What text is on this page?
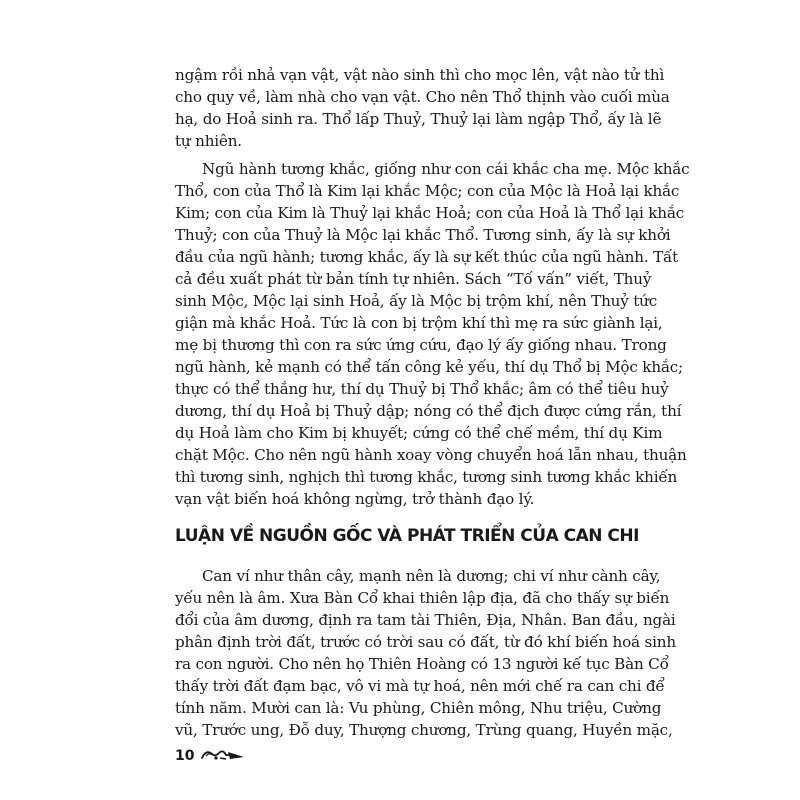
ngậm rồi nhả vạn vật, vật nào sinh thì cho mọc lên, vật nào tử thì
cho quy về, làm nhà cho vạn vật. Cho nên Thổ thịnh vào cuối mùa
hạ, do Hoả sinh ra. Thổ lấp Thuỷ, Thuỷ lại làm ngập Thổ, ấy là lẽ
tự nhiên.
Ngũ hành tương khắc, giống như con cái khắc cha mẹ. Mộc khắc
Thổ, con của Thổ là Kim lại khắc Mộc; con của Mộc là Hoả lại khắc
Kim; con của Kim là Thuỷ lại khắc Hoả; con của Hoả là Thổ lại khắc
Thuỷ; con của Thuỷ là Mộc lại khắc Thổ. Tương sinh, ấy là sự khởi
đầu của ngũ hành; tương khắc, ấy là sự kết thúc của ngũ hành. Tất
cả đều xuất phát từ bản tính tự nhiên. Sách “Tố vấn” viết, Thuỷ
sinh Mộc, Mộc lại sinh Hoả, ấy là Mộc bị trộm khí, nên Thuỷ tức
giận mà khắc Hoả. Tức là con bị trộm khí thì mẹ ra sức giành lại,
mẹ bị thương thì con ra sức ứng cứu, đạo lý ấy giống nhau. Trong
ngũ hành, kẻ mạnh có thể tấn công kẻ yếu, thí dụ Thổ bị Mộc khắc;
thực có thể thắng hư, thí dụ Thuỷ bị Thổ khắc; âm có thể tiêu huỷ
dương, thí dụ Hoả bị Thuỷ dập; nóng có thể địch được cứng rắn, thí
dụ Hoả làm cho Kim bị khuyết; cứng có thể chế mềm, thí dụ Kim
chặt Mộc. Cho nên ngũ hành xoay vòng chuyển hoá lẫn nhau, thuận
thì tương sinh, nghịch thì tương khắc, tương sinh tương khắc khiến
vạn vật biến hoá không ngừng, trở thành đạo lý.
LUẬN VỀ NGUỒN GỐC VÀ PHÁT TRIỂN CỦA CAN CHI
Can ví như thân cây, mạnh nên là dương; chi ví như cành cây,
yếu nên là âm. Xưa Bàn Cổ khai thiên lập địa, đã cho thấy sự biến
đổi của âm dương, định ra tam tài Thiên, Địa, Nhân. Ban đầu, ngài
phân định trời đất, trước có trời sau có đất, từ đó khí biến hoá sinh
ra con người. Cho nên họ Thiên Hoàng có 13 người kế tục Bàn Cổ
thấy trời đất đạm bạc, vô vi mà tự hoá, nên mới chế ra can chi để
tính năm. Mười can là: Vu phùng, Chiên mông, Nhu triệu, Cường
vũ, Trước ung, Đỗ duy, Thượng chương, Trùng quang, Huyền mặc,
10
